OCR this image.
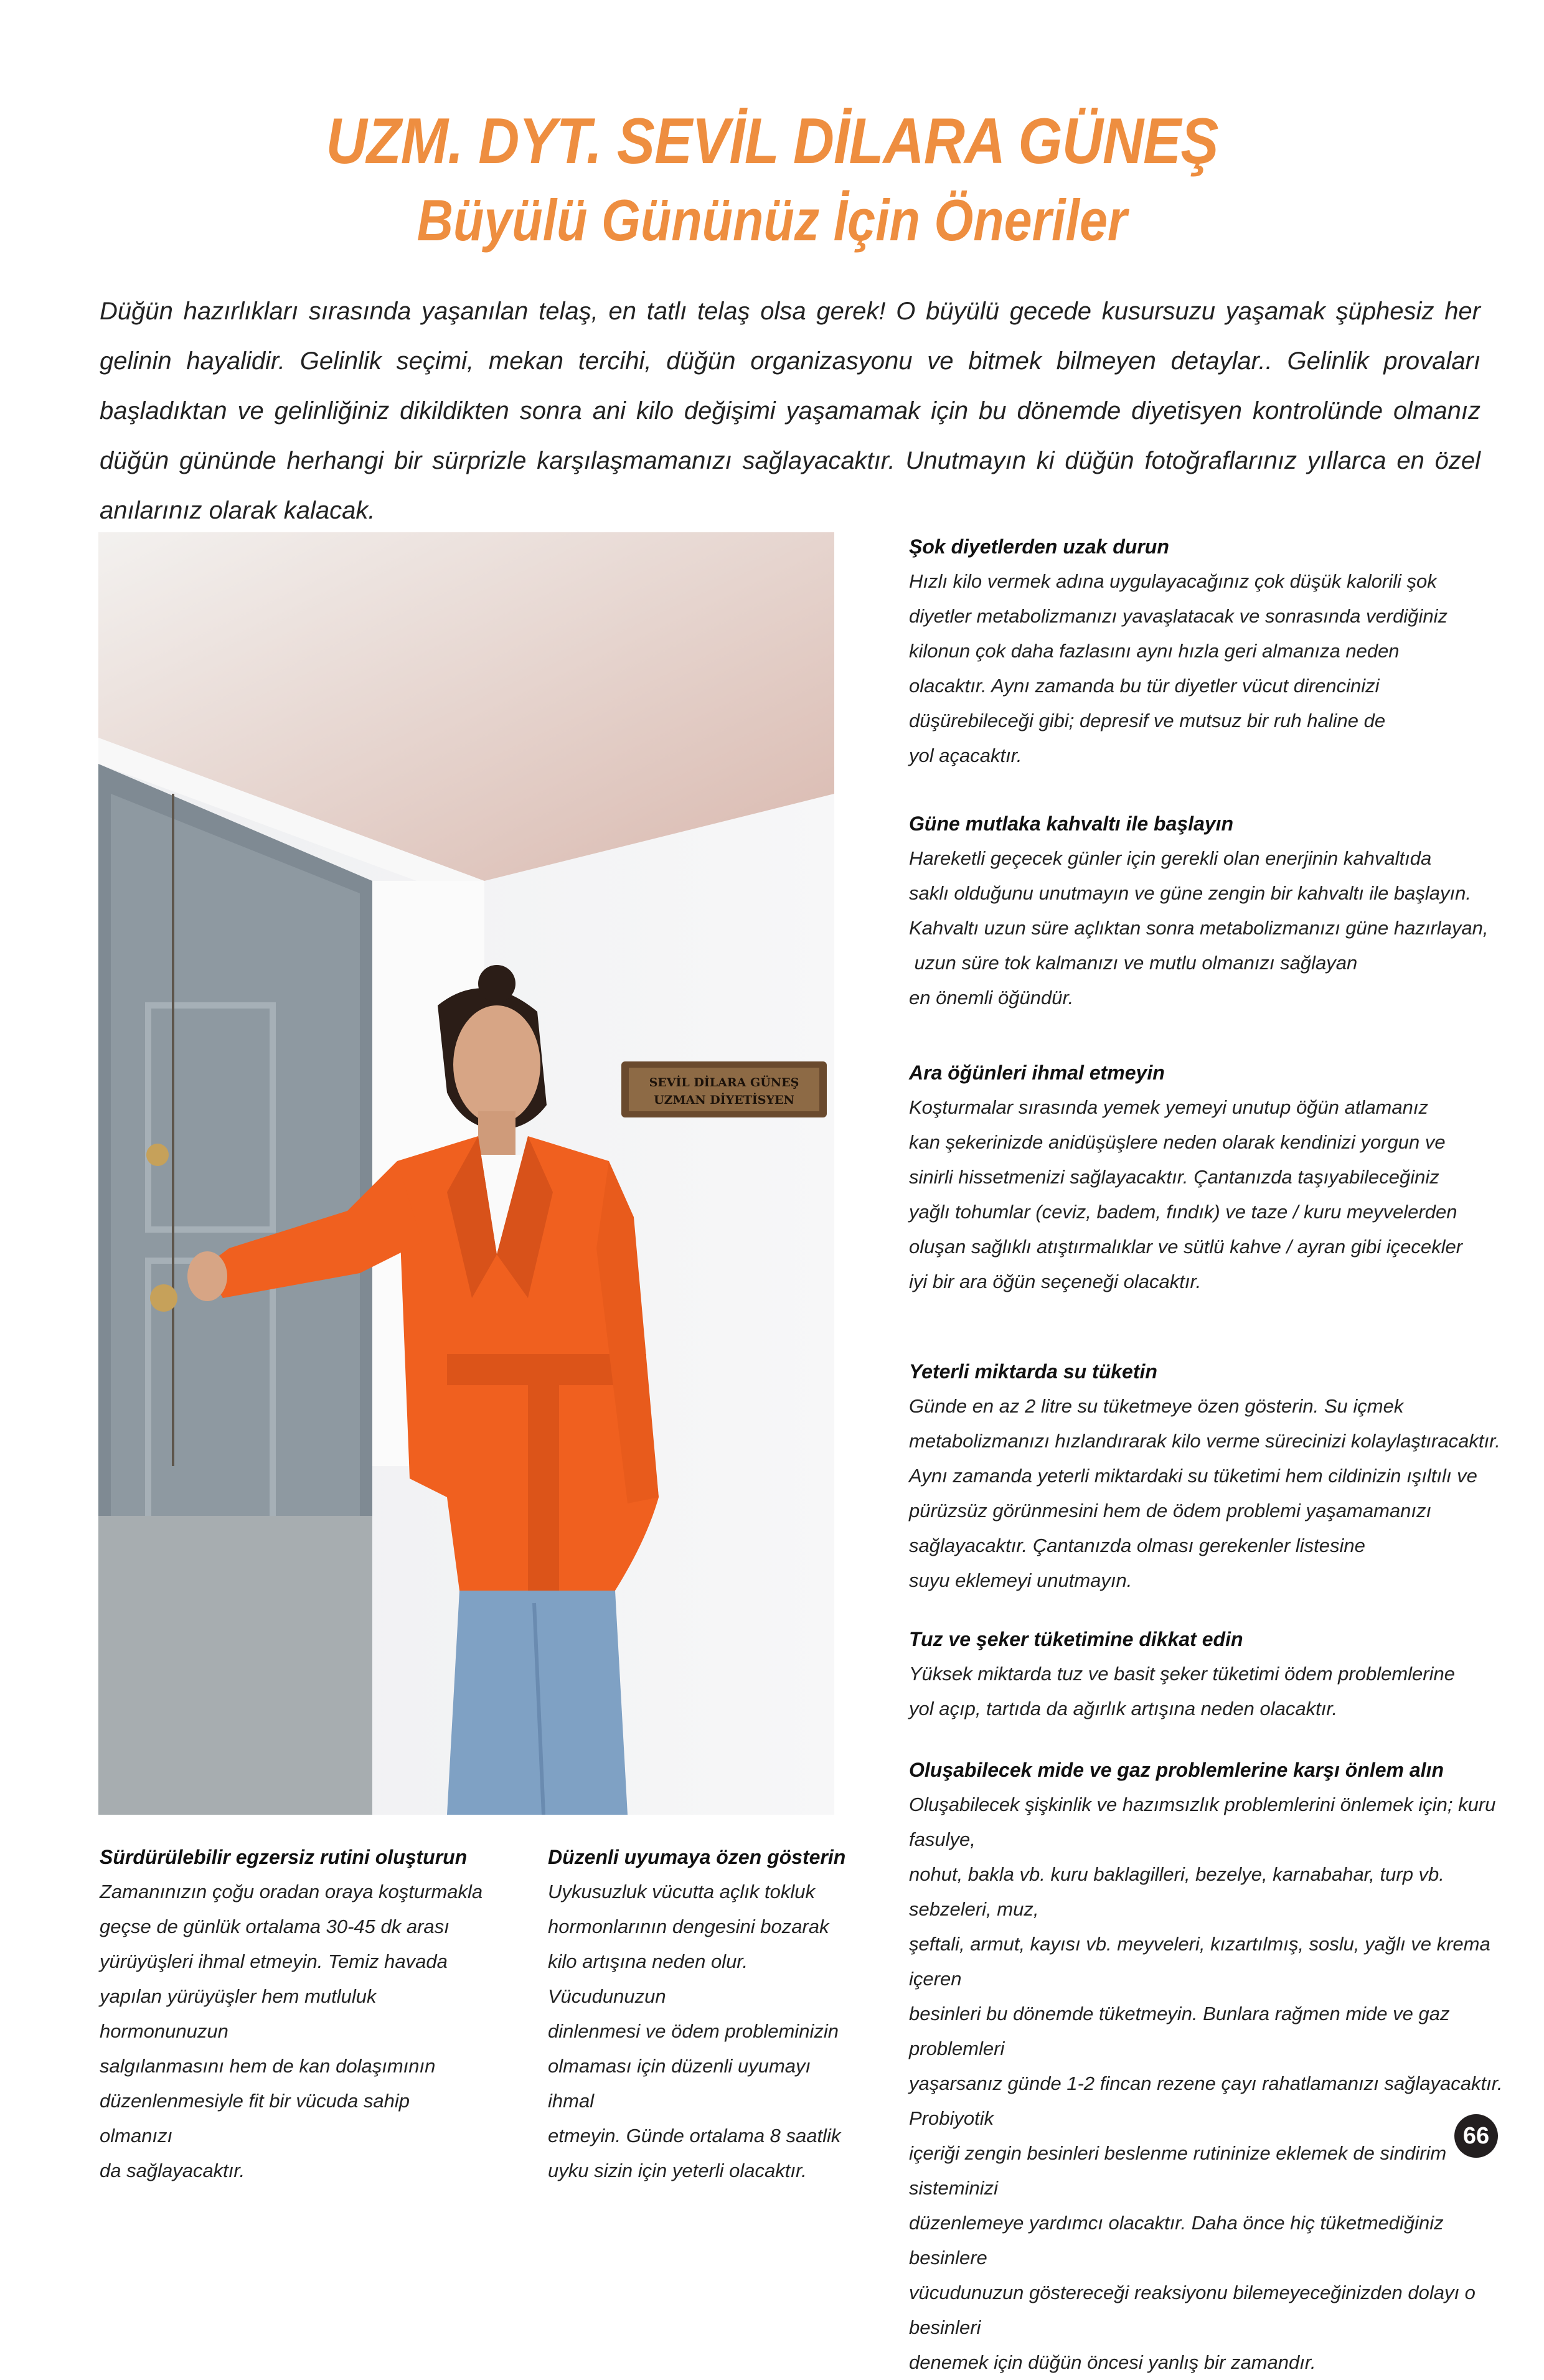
UZM. DYT. SEVİL DİLARA GÜNEŞ
Büyülü Gününüz İçin Öneriler

Düğün hazırlıkları sırasında yaşanılan telaş, en tatlı telaş olsa gerek! O büyülü gecede kusursuzu yaşamak şüphesiz her gelinin hayalidir. Gelinlik seçimi, mekan tercihi, düğün organizasyonu ve bitmek bilmeyen detaylar.. Gelinlik provaları başladıktan ve gelinliğiniz dikildikten sonra ani kilo değişimi yaşamamak için bu dönemde diyetisyen kontrolünde olmanız düğün gününde herhangi bir sürprizle karşılaşmamanızı sağlayacaktır. Unutmayın ki düğün fotoğraflarınız yıllarca en özel anılarınız olarak kalacak.

SEVİL DİLARA GÜNEŞ
UZMAN DİYETİSYEN
Şok diyetlerden uzak durun

Hızlı kilo vermek adına uygulayacağınız çok düşük kalorili şok

diyetler metabolizmanızı yavaşlatacak ve sonrasında verdiğiniz

kilonun çok daha fazlasını aynı hızla geri almanıza neden

olacaktır. Aynı zamanda bu tür diyetler vücut direncinizi

düşürebileceği gibi; depresif ve mutsuz bir ruh haline de

yol açacaktır.

Güne mutlaka kahvaltı ile başlayın

Hareketli geçecek günler için gerekli olan enerjinin kahvaltıda

saklı olduğunu unutmayın ve güne zengin bir kahvaltı ile başlayın.

Kahvaltı uzun süre açlıktan sonra metabolizmanızı güne hazırlayan,

uzun süre tok kalmanızı ve mutlu olmanızı sağlayan

en önemli öğündür.

Ara öğünleri ihmal etmeyin

Koşturmalar sırasında yemek yemeyi unutup öğün atlamanız

kan şekerinizde anidüşüşlere neden olarak kendinizi yorgun ve

sinirli hissetmenizi sağlayacaktır. Çantanızda taşıyabileceğiniz

yağlı tohumlar (ceviz, badem, fındık) ve taze / kuru meyvelerden

oluşan sağlıklı atıştırmalıklar ve sütlü kahve / ayran gibi içecekler

iyi bir ara öğün seçeneği olacaktır.

Yeterli miktarda su tüketin

Günde en az 2 litre su tüketmeye özen gösterin. Su içmek

metabolizmanızı hızlandırarak kilo verme sürecinizi kolaylaştıracaktır.

Aynı zamanda yeterli miktardaki su tüketimi hem cildinizin ışıltılı ve

pürüzsüz görünmesini hem de ödem problemi yaşamamanızı

sağlayacaktır. Çantanızda olması gerekenler listesine

suyu eklemeyi unutmayın.

Tuz ve şeker tüketimine dikkat edin

Yüksek miktarda tuz ve basit şeker tüketimi ödem problemlerine

yol açıp, tartıda da ağırlık artışına neden olacaktır.

Oluşabilecek mide ve gaz problemlerine karşı önlem alın

Oluşabilecek şişkinlik ve hazımsızlık problemlerini önlemek için; kuru fasulye,

nohut, bakla vb. kuru baklagilleri, bezelye, karnabahar, turp vb. sebzeleri, muz,

şeftali, armut, kayısı vb. meyveleri, kızartılmış, soslu, yağlı ve krema içeren

besinleri bu dönemde tüketmeyin. Bunlara rağmen mide ve gaz problemleri

yaşarsanız günde 1-2 fincan rezene çayı rahatlamanızı sağlayacaktır. Probiyotik

içeriği zengin besinleri beslenme rutininize eklemek de sindirim sisteminizi

düzenlemeye yardımcı olacaktır. Daha önce hiç tüketmediğiniz besinlere

vücudunuzun göstereceği reaksiyonu bilemeyeceğinizden dolayı o besinleri

denemek için düğün öncesi yanlış bir zamandır.

Sürdürülebilir egzersiz rutini oluşturun

Zamanınızın çoğu oradan oraya koşturmakla

geçse de günlük ortalama 30-45 dk arası

yürüyüşleri ihmal etmeyin. Temiz havada

yapılan yürüyüşler hem mutluluk hormonunuzun

salgılanmasını hem de kan dolaşımının

düzenlenmesiyle fit bir vücuda sahip olmanızı

da sağlayacaktır.

Düzenli uyumaya özen gösterin

Uykusuzluk vücutta açlık tokluk

hormonlarının dengesini bozarak

kilo artışına neden olur. Vücudunuzun

dinlenmesi ve ödem probleminizin

olmaması için düzenli uyumayı ihmal

etmeyin. Günde ortalama 8 saatlik

uyku sizin için yeterli olacaktır.

66
